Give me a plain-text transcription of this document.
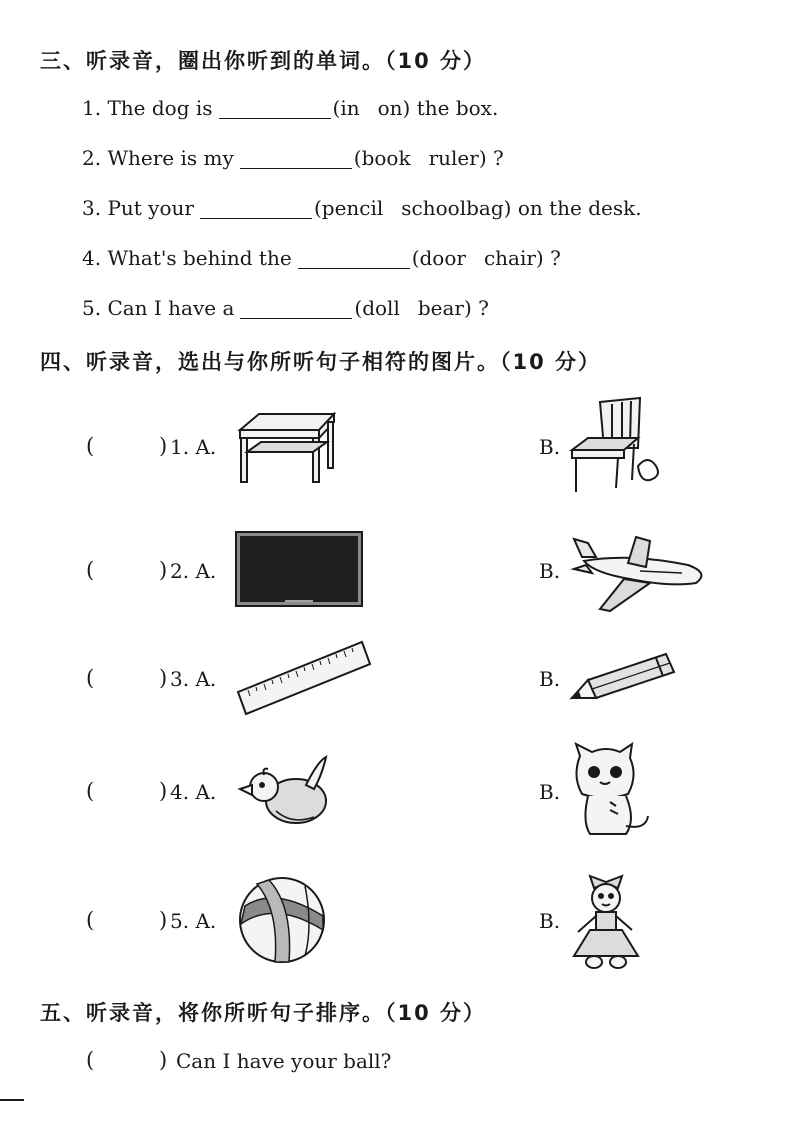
三、听录音，圈出你听到的单词。（10 分）
1. The dog is	(in on) the box.
2. Where is my	(book ruler) ?
3. Put your	(pencil schoolbag) on the desk.
4. What's behind the	(door chair) ?
5. Can I have a	(doll bear) ?
四、听录音，选出与你所听句子相符的图片。（10 分）
(	) 1. A.	B.
(	) 2. A.	B.
(	) 3. A.	B.
(	) 4. A.	B.
(	) 5. A.	B.
五、听录音，将你所听句子排序。（10 分）
(	) Can I have your ball?
